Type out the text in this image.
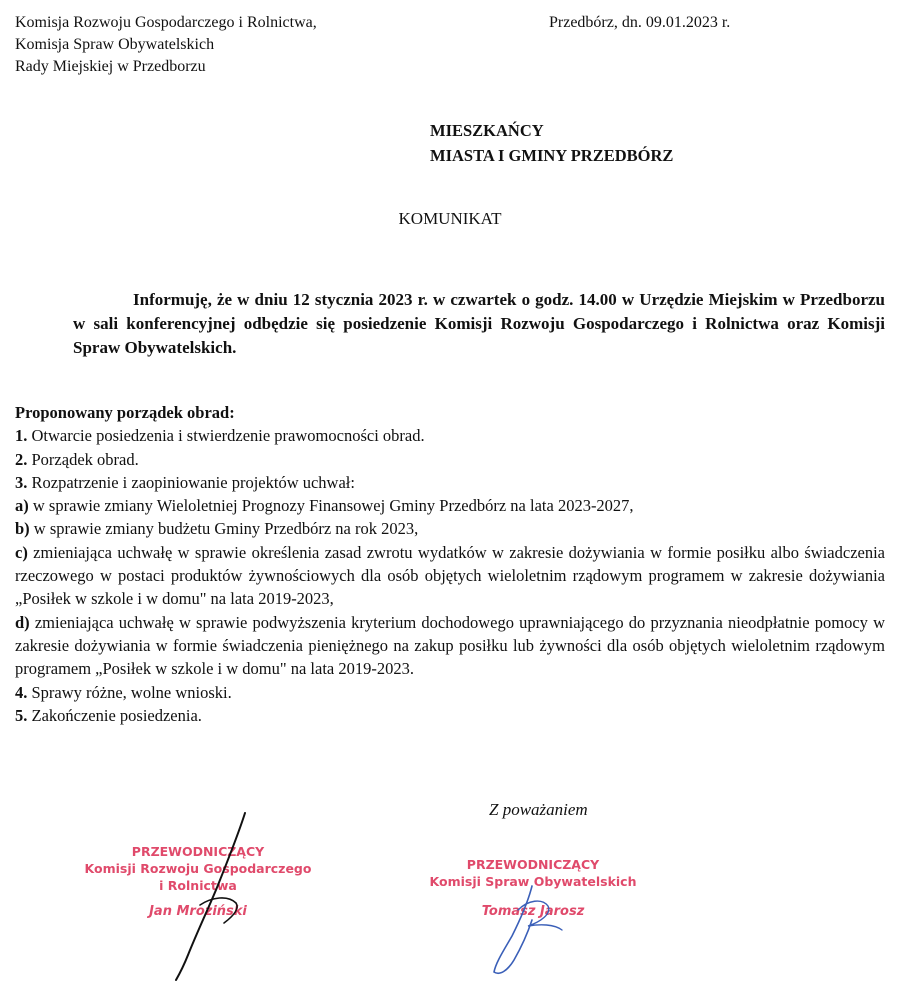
Komisja Rozwoju Gospodarczego i Rolnictwa,
Komisja Spraw Obywatelskich
Rady Miejskiej w Przedborzu
Przedbórz, dn. 09.01.2023 r.
MIESZKAŃCY
MIASTA I GMINY PRZEDBÓRZ
KOMUNIKAT

Informuję, że w dniu 12 stycznia 2023 r. w czwartek o godz. 14.00 w Urzędzie Miejskim w Przedborzu w sali konferencyjnej odbędzie się posiedzenie Komisji Rozwoju Gospodarczego i Rolnictwa oraz Komisji Spraw Obywatelskich.

Proponowany porządek obrad:
1. Otwarcie posiedzenia i stwierdzenie prawomocności obrad.
2. Porządek obrad.
3. Rozpatrzenie i zaopiniowanie projektów uchwał:
a) w sprawie zmiany Wieloletniej Prognozy Finansowej Gminy Przedbórz na lata 2023-2027,
b) w sprawie zmiany budżetu Gminy Przedbórz na rok 2023,
c) zmieniająca uchwałę w sprawie określenia zasad zwrotu wydatków w zakresie dożywiania w formie posiłku albo świadczenia rzeczowego w postaci produktów żywnościowych dla osób objętych wieloletnim rządowym programem w zakresie dożywiania „Posiłek w szkole i w domu" na lata 2019-2023,
d) zmieniająca uchwałę w sprawie podwyższenia kryterium dochodowego uprawniającego do przyznania nieodpłatnie pomocy w zakresie dożywiania w formie świadczenia pieniężnego na zakup posiłku lub żywności dla osób objętych wieloletnim rządowym programem „Posiłek w szkole i w domu" na lata 2019-2023.
4. Sprawy różne, wolne wnioski.
5. Zakończenie posiedzenia.
Z poważaniem
PRZEWODNICZĄCY
Komisji Rozwoju Gospodarczego
i Rolnictwa
Jan Mroziński
PRZEWODNICZĄCY
Komisji Spraw Obywatelskich
Tomasz Jarosz
